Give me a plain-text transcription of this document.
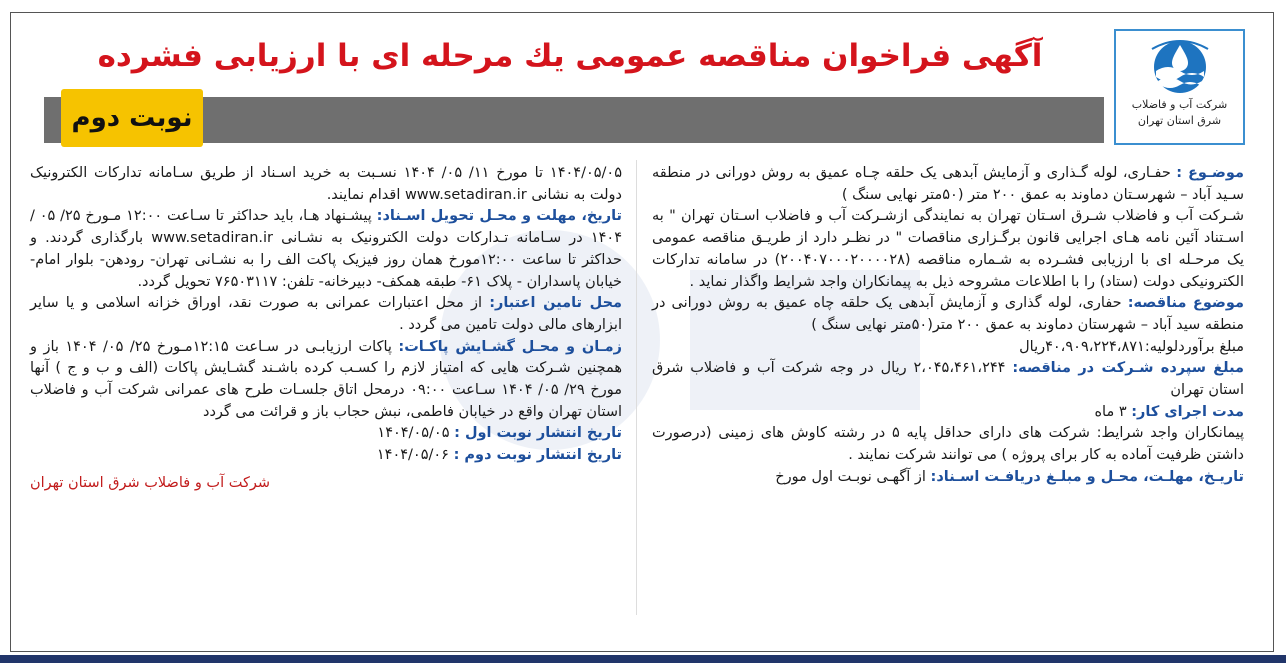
شرکت آب و فاضلاب
شرق استان تهران
آگهی فراخوان مناقصه عمومی یك مرحله ای با ارزیابی فشرده
نوبت دوم

موضـوع : حفـاری، لوله گـذاری و آزمایش آبدهی یک حلقه چـاه عمیق به روش دورانی در منطقه سـید آباد – شهرسـتان دماوند به عمق ۲۰۰ متر (۵۰متر نهایی سنگ )

شـرکت آب و فاضلاب شـرق اسـتان تهران به نمایندگی ازشـرکت آب و فاضلاب اسـتان تهران " به اسـتناد آئین نامه هـای اجرایی قانون برگـزاری مناقصات " در نظـر دارد از طریـق مناقصه عمومی یک مرحـله ای با ارزیابی فشـرده به شـماره مناقصه (۲۰۰۴۰۷۰۰۰۲۰۰۰۰۲۸) در سامانه تدارکات الکترونیکی دولت (ستاد) را با اطلاعات مشروحه ذیل به پیمانکاران واجد شرایط واگذار نماید .

موضوع مناقصه: حفاری، لوله گذاری و آزمایش آبدهی یک حلقه چاه عمیق به روش دورانی در منطقه سید آباد – شهرستان دماوند به عمق ۲۰۰ متر(۵۰متر نهایی سنگ )

مبلغ برآوردلولیه:۴۰،۹۰۹،۲۲۴،۸۷۱ریال

مبلغ سپرده شـرکت در مناقصه: ۲،۰۴۵،۴۶۱،۲۴۴ ریال در وجه شرکت آب و فاضلاب شرق استان تهران

مدت اجرای کار: ۳ ماه

پیمانکاران واجد شرایط: شرکت های دارای حداقل پایه ۵ در رشته کاوش های زمینی (درصورت داشتن ظرفیت آماده به کار برای پروژه ) می توانند شرکت نمایند .

تاریـخ، مهلـت، محـل و مبلـغ دریافـت اسـناد: از آگهـی نوبـت اول مورخ

۱۴۰۴/۰۵/۰۵ تا مورخ ۱۱/ ۰۵/ ۱۴۰۴ نسـبت به خرید اسـناد از طریق سـامانه تدارکات الکترونیک دولت به نشانی www.setadiran.ir اقدام نمایند.

تاریخ، مهلت و محـل تحویل اسـناد: پیشـنهاد هـا، باید حداکثر تا سـاعت ۱۲:۰۰ مـورخ ۲۵/ ۰۵ / ۱۴۰۴ در سـامانه تـدارکات دولت الکترونیک به نشـانی www.setadiran.ir بارگذاری گردند. و حداکثر تا ساعت ۱۲:۰۰مورخ همان روز فیزیک پاکت الف را به نشـانی تهران- رودهن- بلوار امام- خیابان پاسداران - پلاک ۶۱- طبقه همکف- دبیرخانه- تلفن: ۷۶۵۰۳۱۱۷ تحویل گردد.

محل تامین اعتبار: از محل اعتبارات عمرانی به صورت نقد، اوراق خزانه اسلامی و یا سایر ابزارهای مالی دولت تامین می گردد .

زمـان و محـل گشـایش پاکـات: پاکات ارزیابـی در سـاعت ۱۲:۱۵مـورخ ۲۵/ ۰۵/ ۱۴۰۴ باز و همچنین شـرکت هایی که امتیاز لازم را کسـب کرده باشـند گشـایش پاکات (الف و ب و ج ) آنها مورخ ۲۹/ ۰۵/ ۱۴۰۴ سـاعت ۰۹:۰۰ درمحل اتاق جلسـات طرح های عمرانی شرکت آب و فاضلاب استان تهران واقع در خیابان فاطمی، نبش حجاب باز و قرائت می گردد

تاریخ انتشار نوبت اول : ۱۴۰۴/۰۵/۰۵

تاریخ انتشار نوبت دوم : ۱۴۰۴/۰۵/۰۶

شرکت آب و فاضلاب شرق استان تهران
